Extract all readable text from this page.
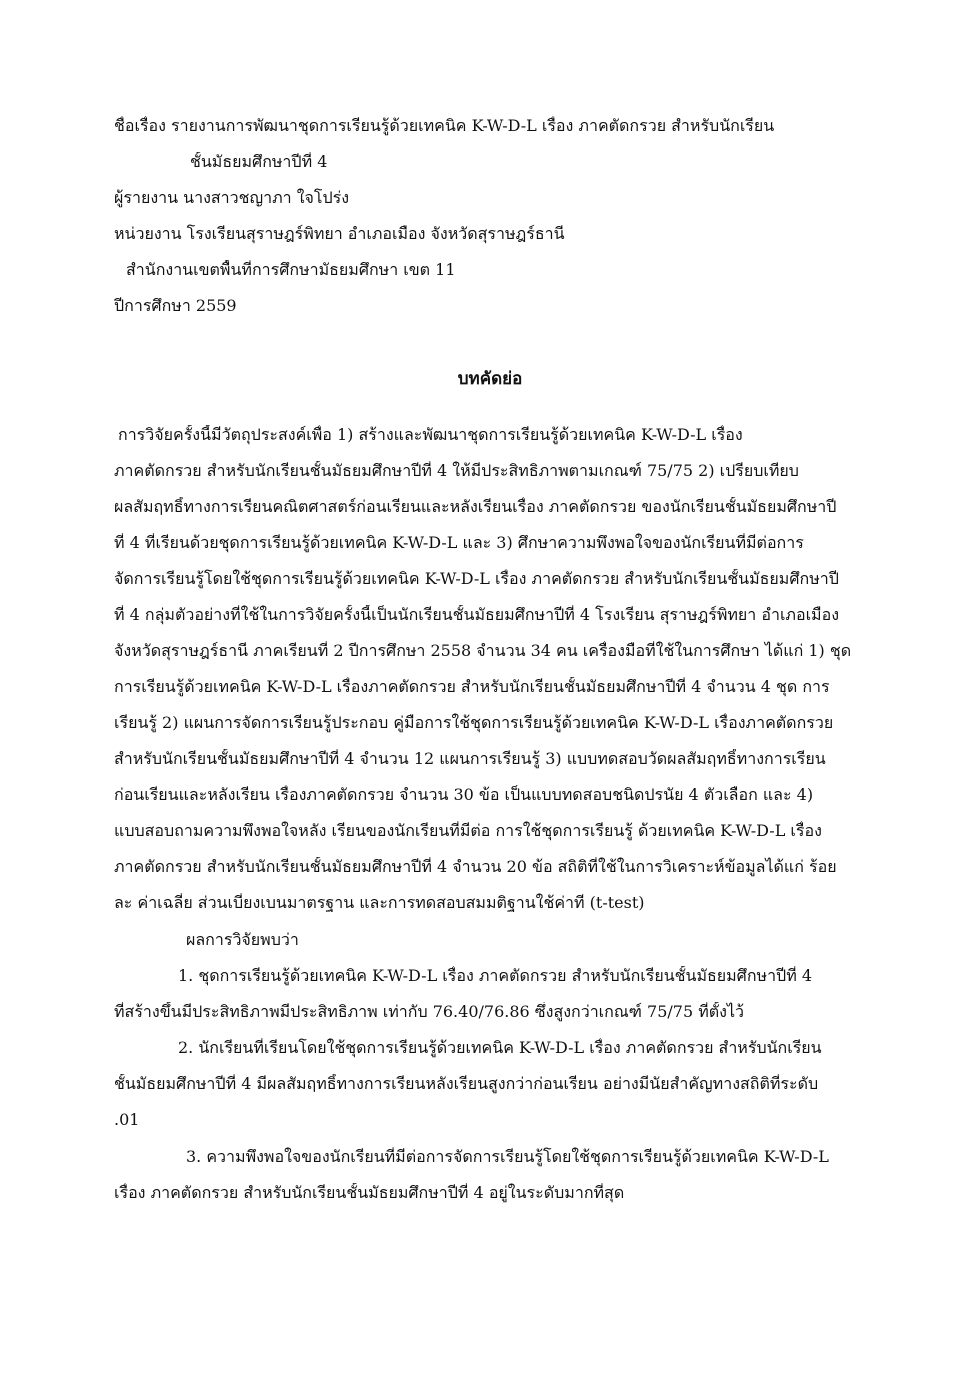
ชื่อเรื่อง รายงานการพัฒนาชุดการเรียนรู้ด้วยเทคนิค K-W-D-L เรื่อง ภาคตัดกรวย สำหรับนักเรียน
ชั้นมัธยมศึกษาปีที่ 4
ผู้รายงาน นางสาวชญาภา ใจโปร่ง
หน่วยงาน โรงเรียนสุราษฎร์พิทยา อำเภอเมือง จังหวัดสุราษฎร์ธานี
สำนักงานเขตพื้นที่การศึกษามัธยมศึกษา เขต 11
ปีการศึกษา 2559
บทคัดย่อ
การวิจัยครั้งนี้มีวัตถุประสงค์เพื่อ 1) สร้างและพัฒนาชุดการเรียนรู้ด้วยเทคนิค K-W-D-L เรื่อง
ภาคตัดกรวย สำหรับนักเรียนชั้นมัธยมศึกษาปีที่ 4 ให้มีประสิทธิภาพตามเกณฑ์ 75/75 2) เปรียบเทียบ
ผลสัมฤทธิ์ทางการเรียนคณิตศาสตร์ก่อนเรียนและหลังเรียนเรื่อง ภาคตัดกรวย ของนักเรียนชั้นมัธยมศึกษาปี
ที่ 4 ที่เรียนด้วยชุดการเรียนรู้ด้วยเทคนิค K-W-D-L และ 3) ศึกษาความพึงพอใจของนักเรียนที่มีต่อการ
จัดการเรียนรู้โดยใช้ชุดการเรียนรู้ด้วยเทคนิค K-W-D-L เรื่อง ภาคตัดกรวย สำหรับนักเรียนชั้นมัธยมศึกษาปี
ที่ 4 กลุ่มตัวอย่างที่ใช้ในการวิจัยครั้งนี้เป็นนักเรียนชั้นมัธยมศึกษาปีที่ 4 โรงเรียน สุราษฎร์พิทยา อำเภอเมือง
จังหวัดสุราษฎร์ธานี ภาคเรียนที่ 2 ปีการศึกษา 2558 จำนวน 34 คน เครื่องมือที่ใช้ในการศึกษา ได้แก่ 1) ชุด
การเรียนรู้ด้วยเทคนิค K-W-D-L เรื่องภาคตัดกรวย สำหรับนักเรียนชั้นมัธยมศึกษาปีที่ 4 จำนวน 4 ชุด การ
เรียนรู้ 2) แผนการจัดการเรียนรู้ประกอบ คู่มือการใช้ชุดการเรียนรู้ด้วยเทคนิค K-W-D-L เรื่องภาคตัดกรวย
สำหรับนักเรียนชั้นมัธยมศึกษาปีที่ 4 จำนวน 12 แผนการเรียนรู้ 3) แบบทดสอบวัดผลสัมฤทธิ์ทางการเรียน
ก่อนเรียนและหลังเรียน เรื่องภาคตัดกรวย จำนวน 30 ข้อ เป็นแบบทดสอบชนิดปรนัย 4 ตัวเลือก และ 4)
แบบสอบถามความพึงพอใจหลัง เรียนของนักเรียนที่มีต่อ การใช้ชุดการเรียนรู้ ด้วยเทคนิค K-W-D-L เรื่อง
ภาคตัดกรวย สำหรับนักเรียนชั้นมัธยมศึกษาปีที่ 4 จำนวน 20 ข้อ สถิติที่ใช้ในการวิเคราะห์ข้อมูลได้แก่ ร้อย
ละ ค่าเฉลี่ย ส่วนเบี่ยงเบนมาตรฐาน และการทดสอบสมมติฐานใช้ค่าที (t-test)
ผลการวิจัยพบว่า
1. ชุดการเรียนรู้ด้วยเทคนิค K-W-D-L เรื่อง ภาคตัดกรวย สำหรับนักเรียนชั้นมัธยมศึกษาปีที่ 4
ที่สร้างขึ้นมีประสิทธิภาพมีประสิทธิภาพ เท่ากับ 76.40/76.86 ซึ่งสูงกว่าเกณฑ์ 75/75 ที่ตั้งไว้
2. นักเรียนที่เรียนโดยใช้ชุดการเรียนรู้ด้วยเทคนิค K-W-D-L เรื่อง ภาคตัดกรวย สำหรับนักเรียน
ชั้นมัธยมศึกษาปีที่ 4 มีผลสัมฤทธิ์ทางการเรียนหลังเรียนสูงกว่าก่อนเรียน อย่างมีนัยสำคัญทางสถิติที่ระดับ
.01
3. ความพึงพอใจของนักเรียนที่มีต่อการจัดการเรียนรู้โดยใช้ชุดการเรียนรู้ด้วยเทคนิค K-W-D-L
เรื่อง ภาคตัดกรวย สำหรับนักเรียนชั้นมัธยมศึกษาปีที่ 4 อยู่ในระดับมากที่สุด
